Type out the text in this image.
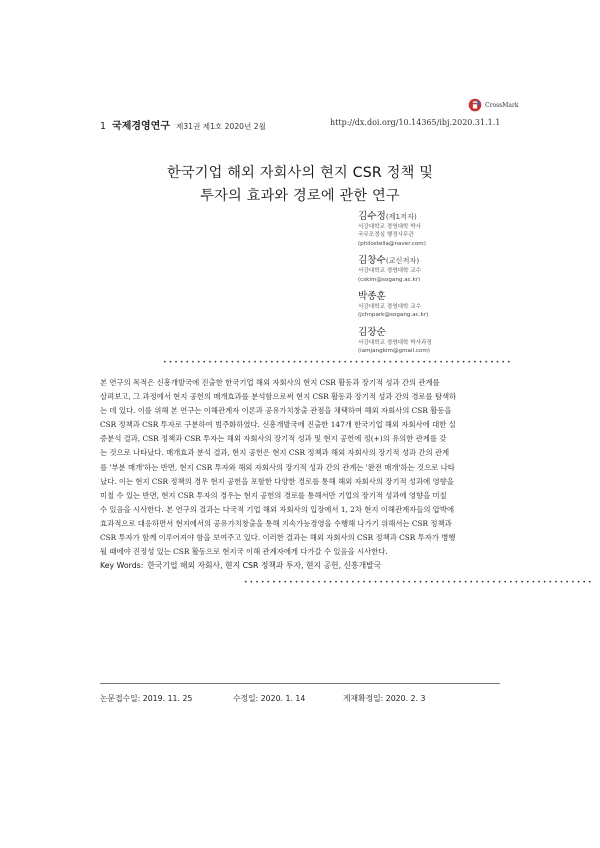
CrossMark
1 국제경영연구 제31권 제1호 2020년 2월	http://dx.doi.org/10.14365/ibj.2020.31.1.1
한국기업 해외 자회사의 현지 CSR 정책 및
투자의 효과와 경로에 관한 연구
김수정(제1저자)
서강대학교 경영대학 박사
국무조정실 행정사무관
(philostella@naver.com)
김창수(교신저자)
서강대학교 경영대학 교수
(cskim@sogang.ac.kr)
박종훈
서강대학교 경영대학 교수
(jchnpark@sogang.ac.kr)
김장순
서강대학교 경영대학 박사과정
(iamjangkim@gmail.com)
••••••••••••••••••••••••••••••••••••••••••••••••••••••••••••••
본 연구의 목적은 신흥개발국에 진출한 한국기업 해외 자회사의 현지 CSR 활동과 장기적 성과 간의 관계를
살펴보고, 그 과정에서 현지 공헌의 매개효과를 분석함으로써 현지 CSR 활동과 장기적 성과 간의 경로를 탐색하
는 데 있다. 이를 위해 본 연구는 이해관계자 이론과 공유가치창출 관점을 채택하여 해외 자회사의 CSR 활동을
CSR 정책과 CSR 투자로 구분하여 범주화하였다. 신흥개발국에 진출한 147개 한국기업 해외 자회사에 대한 실
증분석 결과, CSR 정책과 CSR 투자는 해외 자회사의 장기적 성과 및 현지 공헌에 정(+)의 유의한 관계를 갖
는 것으로 나타났다. 매개효과 분석 결과, 현지 공헌은 현지 CSR 정책과 해외 자회사의 장기적 성과 간의 관계
를 '부분 매개'하는 반면, 현지 CSR 투자와 해외 자회사의 장기적 성과 간의 관계는 '완전 매개'하는 것으로 나타
났다. 이는 현지 CSR 정책의 경우 현지 공헌을 포함한 다양한 경로를 통해 해외 자회사의 장기적 성과에 영향을
미칠 수 있는 반면, 현지 CSR 투자의 경우는 현지 공헌의 경로를 통해서만 기업의 장기적 성과에 영향을 미칠
수 있음을 시사한다. 본 연구의 결과는 다국적 기업 해외 자회사의 입장에서 1, 2차 현지 이해관계자들의 압박에
효과적으로 대응하면서 현지에서의 공유가치창출을 통해 지속가능경영을 수행해 나가기 위해서는 CSR 정책과
CSR 투자가 함께 이루어져야 함을 보여주고 있다. 이러한 결과는 해외 자회사의 CSR 정책과 CSR 투자가 병행
될 때에야 진정성 있는 CSR 활동으로 현지국 이해 관계자에게 다가갈 수 있음을 시사한다.
Key Words: 한국기업 해외 자회사, 현지 CSR 정책과 투자, 현지 공헌, 신흥개발국
••••••••••••••••••••••••••••••••••••••••••••••••••••••••••••••
논문접수일: 2019. 11. 25	수정일: 2020. 1. 14	게재확정일: 2020. 2. 3
